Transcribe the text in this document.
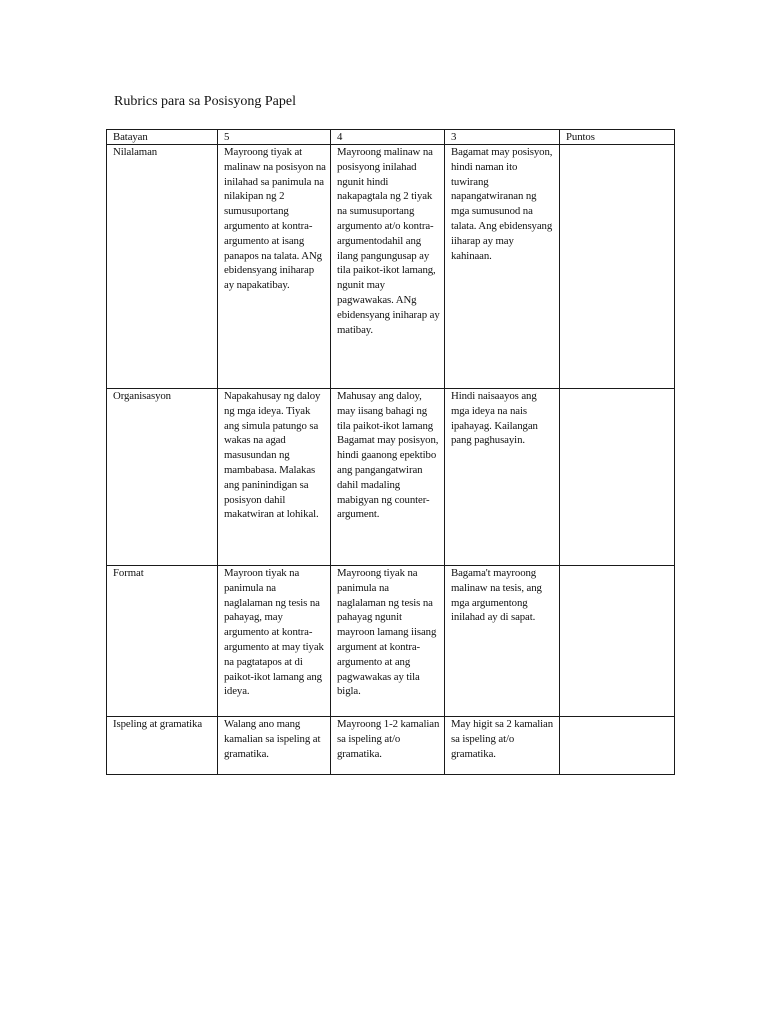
Rubrics para sa Posisyong Papel
Batayan	5	4	3	Puntos
Nilalaman	Mayroong tiyak at malinaw na posisyon na inilahad sa panimula na nilakipan ng 2 sumusuportang argumento at kontra-argumento at isang panapos na talata. ANg ebidensyang iniharap ay napakatibay.	Mayroong malinaw na posisyong inilahad ngunit hindi nakapagtala ng 2 tiyak na sumusuportang argumento at/o kontra-argumentodahil ang ilang pangungusap ay tila paikot-ikot lamang, ngunit may pagwawakas. ANg ebidensyang iniharap ay matibay.	Bagamat may posisyon, hindi naman ito tuwirang napangatwiranan ng mga sumusunod na talata. Ang ebidensyang iiharap ay may kahinaan.	
Organisasyon	Napakahusay ng daloy ng mga ideya. Tiyak ang simula patungo sa wakas na agad masusundan ng mambabasa. Malakas ang paninindigan sa posisyon dahil makatwiran at lohikal.	Mahusay ang daloy, may iisang bahagi ng tila paikot-ikot lamang Bagamat may posisyon, hindi gaanong epektibo ang pangangatwiran dahil madaling mabigyan ng counter-argument.	Hindi naisaayos ang mga ideya na nais ipahayag. Kailangan pang paghusayin.	
Format	Mayroon tiyak na panimula na naglalaman ng tesis na pahayag, may argumento at kontra-argumento at may tiyak na pagtatapos at di paikot-ikot lamang ang ideya.	Mayroong tiyak na panimula na naglalaman ng tesis na pahayag ngunit mayroon lamang iisang argument at kontra-argumento at ang pagwawakas ay tila bigla.	Bagama't mayroong malinaw na tesis, ang mga argumentong inilahad ay di sapat.	
Ispeling at gramatika	Walang ano mang kamalian sa ispeling at gramatika.	Mayroong 1-2 kamalian sa ispeling at/o gramatika.	May higit sa 2 kamalian sa ispeling at/o gramatika.	
